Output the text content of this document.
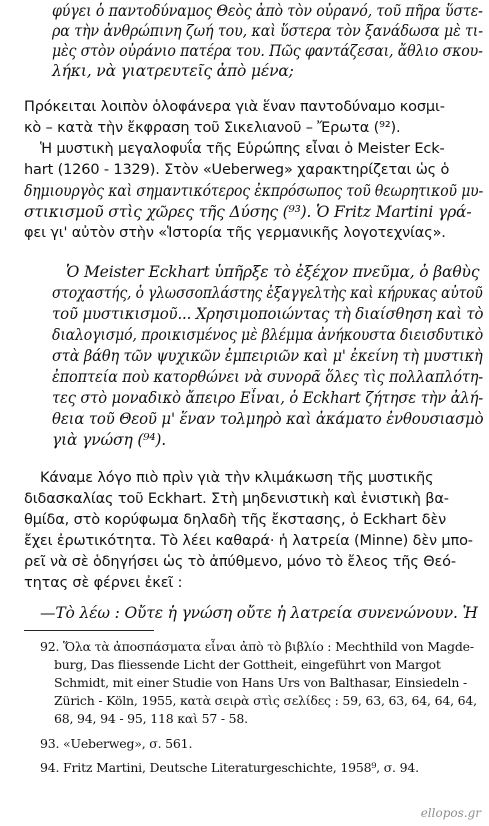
φύγει ὁ παντοδύναμος Θεὸς ἀπὸ τὸν οὐρανό, τοῦ πῆρα ὕστε-
ρα τὴν ἀνθρώπινη ζωή του, καὶ ὕστερα τὸν ξανάδωσα μὲ τι-
μὲς στὸν οὐράνιο πατέρα του. Πῶς φαντάζεσαι, ἄθλιο σκου-
λήκι, νὰ γιατρευτεῖς ἀπὸ μένα;
Πρόκειται λοιπὸν ὁλοφάνερα γιὰ ἕναν παντοδύναμο κοσμι-
κὸ – κατὰ τὴν ἔκφραση τοῦ Σικελιανοῦ – Ἔρωτα (⁹²).
Ἡ μυστικὴ μεγαλοφυΐα τῆς Εὐρώπης εἶναι ὁ Meister Eck-
hart (1260 - 1329). Στὸν «Ueberweg» χαρακτηρίζεται ὡς ὁ
δημιουργὸς καὶ σημαντικότερος ἐκπρόσωπος τοῦ θεωρητικοῦ μυ-
στικισμοῦ στὶς χῶρες τῆς Δύσης (⁹³). Ὁ Fritz Martini γρά-
φει γι' αὐτὸν στὴν «Ἱστορία τῆς γερμανικῆς λογοτεχνίας».
Ὁ Meister Eckhart ὑπῆρξε τὸ ἐξέχον πνεῦμα, ὁ βαθὺς
στοχαστής, ὁ γλωσσοπλάστης ἐξαγγελτὴς καὶ κήρυκας αὐτοῦ
τοῦ μυστικισμοῦ... Χρησιμοποιώντας τὴ διαίσθηση καὶ τὸ
διαλογισμό, προικισμένος μὲ βλέμμα ἀνήκουστα διεισδυτικὸ
στὰ βάθη τῶν ψυχικῶν ἐμπειριῶν καὶ μ' ἐκείνη τὴ μυστικὴ
ἐποπτεία ποὺ κατορθώνει νὰ συνορᾶ ὅλες τὶς πολλαπλότη-
τες στὸ μοναδικὸ ἄπειρο Εἶναι, ὁ Eckhart ζήτησε τὴν ἀλή-
θεια τοῦ Θεοῦ μ' ἕναν τολμηρὸ καὶ ἀκάματο ἐνθουσιασμὸ
γιὰ γνώση (⁹⁴).
Κάναμε λόγο πιὸ πρὶν γιὰ τὴν κλιμάκωση τῆς μυστικῆς
διδασκαλίας τοῦ Eckhart. Στὴ μηδενιστικὴ καὶ ἑνιστικὴ βα-
θμίδα, στὸ κορύφωμα δηλαδὴ τῆς ἔκστασης, ὁ Eckhart δὲν
ἔχει ἐρωτικότητα. Τὸ λέει καθαρά· ἡ λατρεία (Minne) δὲν μπο-
ρεῖ νὰ σὲ ὁδηγήσει ὡς τὸ ἀπύθμενο, μόνο τὸ ἔλεος τῆς Θεό-
τητας σὲ φέρνει ἐκεῖ :
—Τὸ λέω : Οὔτε ἡ γνώση οὔτε ἡ λατρεία συνενώνουν. Ἡ
92. Ὅλα τὰ ἀποσπάσματα εἶναι ἀπὸ τὸ βιβλίο : Mechthild von Magde-
burg, Das fliessende Licht der Gottheit, eingeführt von Margot
Schmidt, mit einer Studie von Hans Urs von Balthasar, Einsiedeln -
Zürich - Köln, 1955, κατὰ σειρὰ στὶς σελίδες : 59, 63, 63, 64, 64, 64,
68, 94, 94 - 95, 118 καὶ 57 - 58.
93. «Ueberweg», σ. 561.
94. Fritz Martini, Deutsche Literaturgeschichte, 1958⁹, σ. 94.
ellopos.gr
